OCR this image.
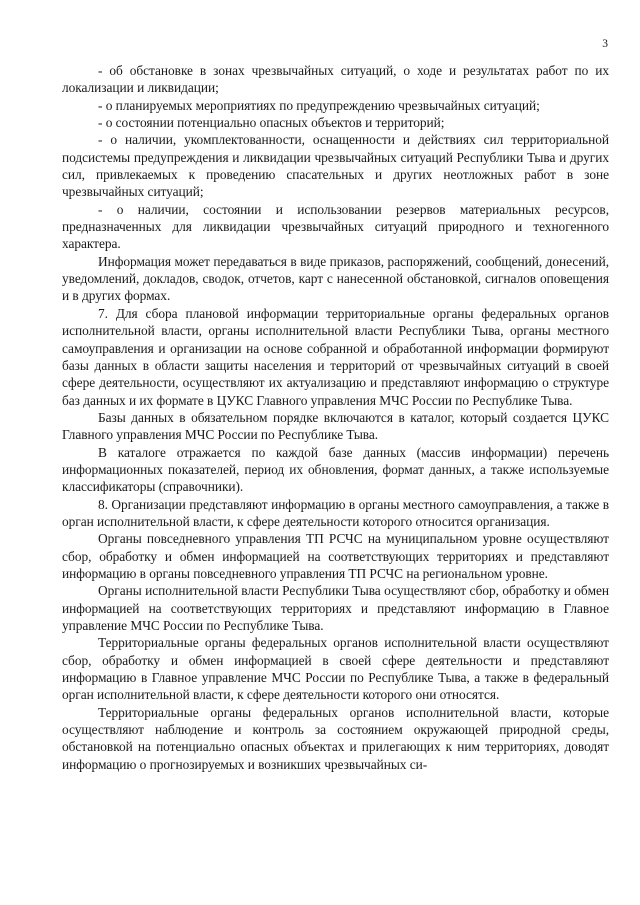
3

- об обстановке в зонах чрезвычайных ситуаций, о ходе и результатах работ по их локализации и ликвидации;

- о планируемых мероприятиях по предупреждению чрезвычайных ситуаций;

- о состоянии потенциально опасных объектов и территорий;

- о наличии, укомплектованности, оснащенности и действиях сил территориальной подсистемы предупреждения и ликвидации чрезвычайных ситуаций Республики Тыва и других сил, привлекаемых к проведению спасательных и других неотложных работ в зоне чрезвычайных ситуаций;

- о наличии, состоянии и использовании резервов материальных ресурсов, предназначенных для ликвидации чрезвычайных ситуаций природного и техногенного характера.

Информация может передаваться в виде приказов, распоряжений, сообщений, донесений, уведомлений, докладов, сводок, отчетов, карт с нанесенной обстановкой, сигналов оповещения и в других формах.

7. Для сбора плановой информации территориальные органы федеральных органов исполнительной власти, органы исполнительной власти Республики Тыва, органы местного самоуправления и организации на основе собранной и обработанной информации формируют базы данных в области защиты населения и территорий от чрезвычайных ситуаций в своей сфере деятельности, осуществляют их актуализацию и представляют информацию о структуре баз данных и их формате в ЦУКС Главного управления МЧС России по Республике Тыва.

Базы данных в обязательном порядке включаются в каталог, который создается ЦУКС Главного управления МЧС России по Республике Тыва.

В каталоге отражается по каждой базе данных (массив информации) перечень информационных показателей, период их обновления, формат данных, а также используемые классификаторы (справочники).

8. Организации представляют информацию в органы местного самоуправления, а также в орган исполнительной власти, к сфере деятельности которого относится организация.

Органы повседневного управления ТП РСЧС на муниципальном уровне осуществляют сбор, обработку и обмен информацией на соответствующих территориях и представляют информацию в органы повседневного управления ТП РСЧС на региональном уровне.

Органы исполнительной власти Республики Тыва осуществляют сбор, обработку и обмен информацией на соответствующих территориях и представляют информацию в Главное управление МЧС России по Республике Тыва.

Территориальные органы федеральных органов исполнительной власти осуществляют сбор, обработку и обмен информацией в своей сфере деятельности и представляют информацию в Главное управление МЧС России по Республике Тыва, а также в федеральный орган исполнительной власти, к сфере деятельности которого они относятся.

Территориальные органы федеральных органов исполнительной власти, которые осуществляют наблюдение и контроль за состоянием окружающей природной среды, обстановкой на потенциально опасных объектах и прилегающих к ним территориях, доводят информацию о прогнозируемых и возникших чрезвычайных си-
